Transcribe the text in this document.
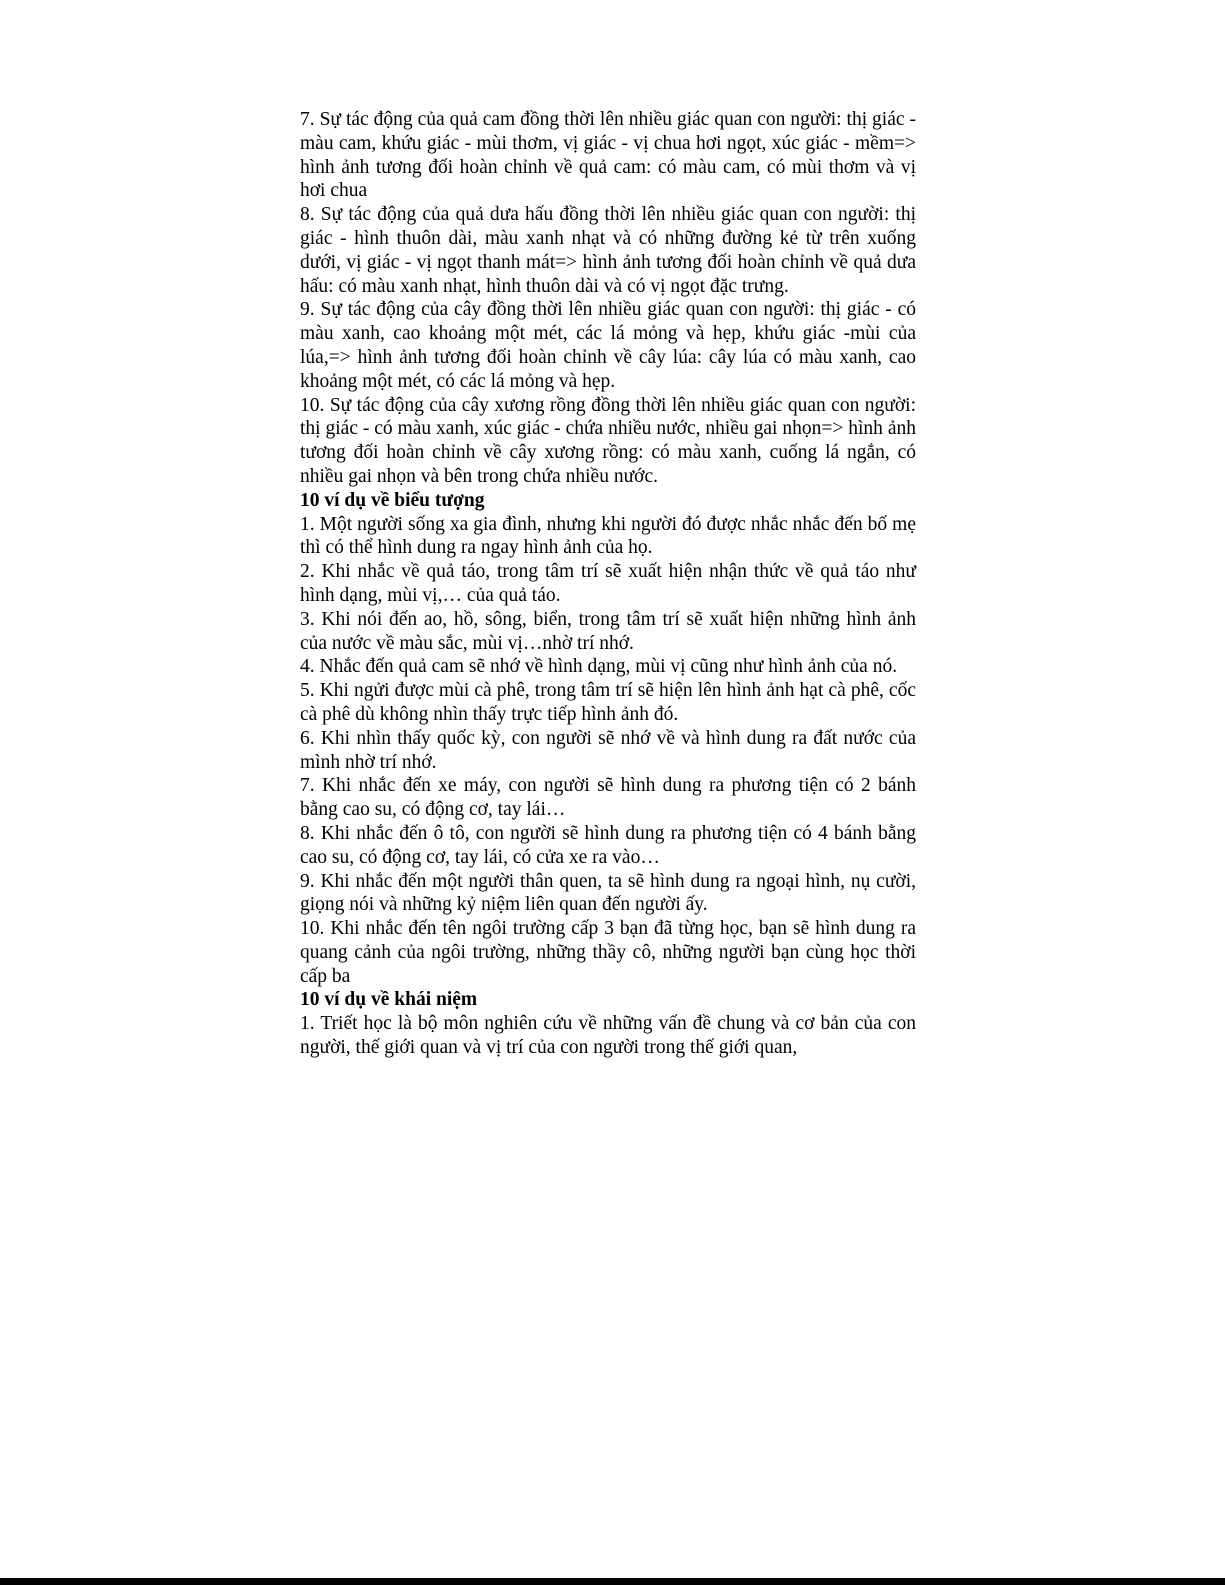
7. Sự tác động của quả cam đồng thời lên nhiều giác quan con người: thị giác - màu cam, khứu giác - mùi thơm, vị giác - vị chua hơi ngọt, xúc giác - mềm=> hình ảnh tương đối hoàn chỉnh về quả cam: có màu cam, có mùi thơm và vị hơi chua

8. Sự tác động của quả dưa hấu đồng thời lên nhiều giác quan con người: thị giác - hình thuôn dài, màu xanh nhạt và có những đường kẻ từ trên xuống dưới, vị giác - vị ngọt thanh mát=> hình ảnh tương đối hoàn chỉnh về quả dưa hấu: có màu xanh nhạt, hình thuôn dài và có vị ngọt đặc trưng.

9. Sự tác động của cây đồng thời lên nhiều giác quan con người: thị giác - có màu xanh, cao khoảng một mét, các lá mỏng và hẹp, khứu giác -mùi của lúa,=> hình ảnh tương đối hoàn chỉnh về cây lúa: cây lúa có màu xanh, cao khoảng một mét, có các lá mỏng và hẹp.

10. Sự tác động của cây xương rồng đồng thời lên nhiều giác quan con người: thị giác - có màu xanh, xúc giác - chứa nhiều nước, nhiều gai nhọn=> hình ảnh tương đối hoàn chỉnh về cây xương rồng: có màu xanh, cuống lá ngắn, có nhiều gai nhọn và bên trong chứa nhiều nước.

10 ví dụ về biểu tượng

1. Một người sống xa gia đình, nhưng khi người đó được nhắc nhắc đến bố mẹ thì có thể hình dung ra ngay hình ảnh của họ.

2. Khi nhắc về quả táo, trong tâm trí sẽ xuất hiện nhận thức về quả táo như hình dạng, mùi vị,… của quả táo.

3. Khi nói đến ao, hồ, sông, biển, trong tâm trí sẽ xuất hiện những hình ảnh của nước về màu sắc, mùi vị…nhờ trí nhớ.

4. Nhắc đến quả cam sẽ nhớ về hình dạng, mùi vị cũng như hình ảnh của nó.

5. Khi ngửi được mùi cà phê, trong tâm trí sẽ hiện lên hình ảnh hạt cà phê, cốc cà phê dù không nhìn thấy trực tiếp hình ảnh đó.

6. Khi nhìn thấy quốc kỳ, con người sẽ nhớ về và hình dung ra đất nước của mình nhờ trí nhớ.

7. Khi nhắc đến xe máy, con người sẽ hình dung ra phương tiện có 2 bánh bằng cao su, có động cơ, tay lái…

8. Khi nhắc đến ô tô, con người sẽ hình dung ra phương tiện có 4 bánh bằng cao su, có động cơ, tay lái, có cửa xe ra vào…

9. Khi nhắc đến một người thân quen, ta sẽ hình dung ra ngoại hình, nụ cười, giọng nói và những kỷ niệm liên quan đến người ấy.

10. Khi nhắc đến tên ngôi trường cấp 3 bạn đã từng học, bạn sẽ hình dung ra quang cảnh của ngôi trường, những thầy cô, những người bạn cùng học thời cấp ba

10 ví dụ về khái niệm

1. Triết học là bộ môn nghiên cứu về những vấn đề chung và cơ bản của con người, thế giới quan và vị trí của con người trong thế giới quan,
